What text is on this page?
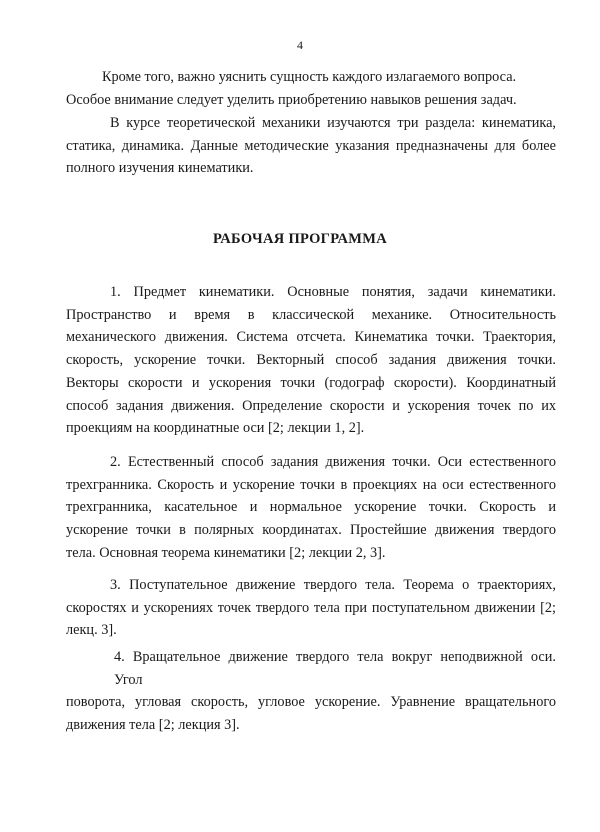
4
Кроме того, важно уяснить сущность каждого излагаемого вопроса.
Особое внимание следует уделить приобретению навыков решения задач.
В курсе теоретической механики изучаются три раздела: кинематика,
статика, динамика. Данные методические указания предназначены для более
полного изучения кинематики.
РАБОЧАЯ ПРОГРАММА
1. Предмет кинематики. Основные понятия, задачи кинематики.
Пространство и время в классической механике. Относительность
механического движения. Система отсчета. Кинематика точки. Траектория,
скорость, ускорение точки. Векторный способ задания движения точки.
Векторы скорости и ускорения точки (годограф скорости). Координатный
способ задания движения. Определение скорости и ускорения точек по их
проекциям на координатные оси [2; лекции 1, 2].
2. Естественный способ задания движения точки. Оси естественного
трехгранника. Скорость и ускорение точки в проекциях на оси естественного
трехгранника, касательное и нормальное ускорение точки. Скорость и
ускорение точки в полярных координатах. Простейшие движения твердого
тела. Основная теорема кинематики [2; лекции 2, 3].
3. Поступательное движение твердого тела. Теорема о траекториях,
скоростях и ускорениях точек твердого тела при поступательном движении [2;
лекц. 3].
4. Вращательное движение твердого тела вокруг неподвижной оси. Угол
поворота, угловая скорость, угловое ускорение. Уравнение вращательного
движения тела [2; лекция 3].
